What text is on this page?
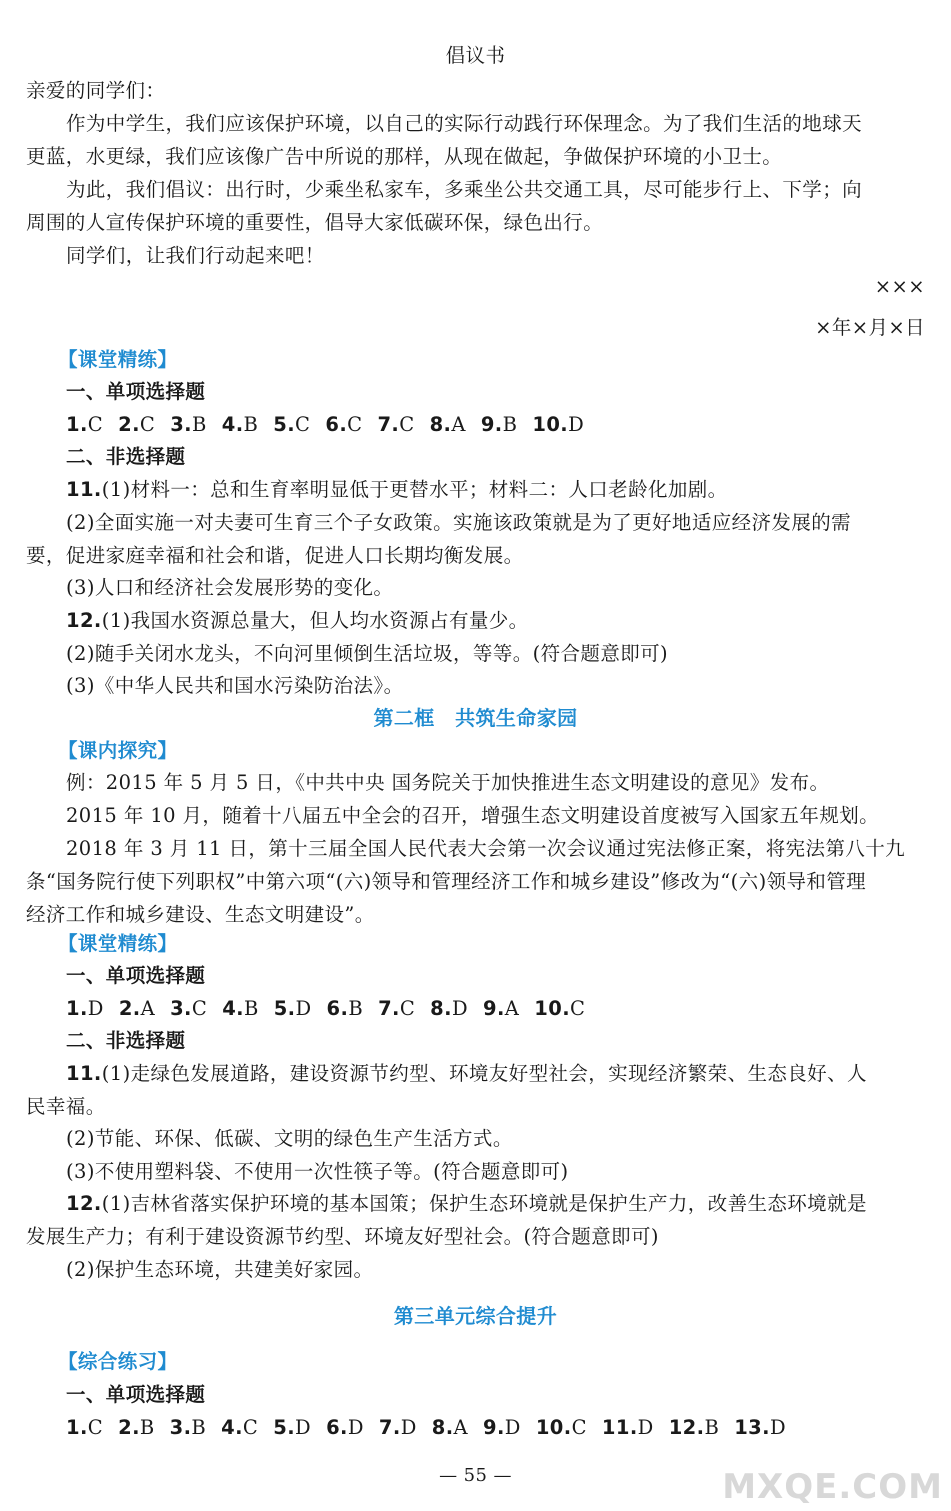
倡议书
亲爱的同学们：
作为中学生，我们应该保护环境，以自己的实际行动践行环保理念。为了我们生活的地球天
更蓝，水更绿，我们应该像广告中所说的那样，从现在做起，争做保护环境的小卫士。
为此，我们倡议：出行时，少乘坐私家车，多乘坐公共交通工具，尽可能步行上、下学；向
周围的人宣传保护环境的重要性，倡导大家低碳环保，绿色出行。
同学们，让我们行动起来吧！
×××
×年×月×日
【课堂精练】
一、单项选择题
1.C 2.C 3.B 4.B 5.C 6.C 7.C 8.A 9.B 10.D
二、非选择题
11.(1)材料一：总和生育率明显低于更替水平；材料二：人口老龄化加剧。
(2)全面实施一对夫妻可生育三个子女政策。实施该政策就是为了更好地适应经济发展的需
要，促进家庭幸福和社会和谐，促进人口长期均衡发展。
(3)人口和经济社会发展形势的变化。
12.(1)我国水资源总量大，但人均水资源占有量少。
(2)随手关闭水龙头，不向河里倾倒生活垃圾，等等。(符合题意即可)
(3)《中华人民共和国水污染防治法》。
第二框　共筑生命家园
【课内探究】
例：2015 年 5 月 5 日，《中共中央 国务院关于加快推进生态文明建设的意见》发布。
2015 年 10 月，随着十八届五中全会的召开，增强生态文明建设首度被写入国家五年规划。
2018 年 3 月 11 日，第十三届全国人民代表大会第一次会议通过宪法修正案，将宪法第八十九
条“国务院行使下列职权”中第六项“(六)领导和管理经济工作和城乡建设”修改为“(六)领导和管理
经济工作和城乡建设、生态文明建设”。
【课堂精练】
一、单项选择题
1.D 2.A 3.C 4.B 5.D 6.B 7.C 8.D 9.A 10.C
二、非选择题
11.(1)走绿色发展道路，建设资源节约型、环境友好型社会，实现经济繁荣、生态良好、人
民幸福。
(2)节能、环保、低碳、文明的绿色生产生活方式。
(3)不使用塑料袋、不使用一次性筷子等。(符合题意即可)
12.(1)吉林省落实保护环境的基本国策；保护生态环境就是保护生产力，改善生态环境就是
发展生产力；有利于建设资源节约型、环境友好型社会。(符合题意即可)
(2)保护生态环境，共建美好家园。
第三单元综合提升
【综合练习】
一、单项选择题
1.C 2.B 3.B 4.C 5.D 6.D 7.D 8.A 9.D 10.C 11.D 12.B 13.D
— 55 —	MXQE.COM
